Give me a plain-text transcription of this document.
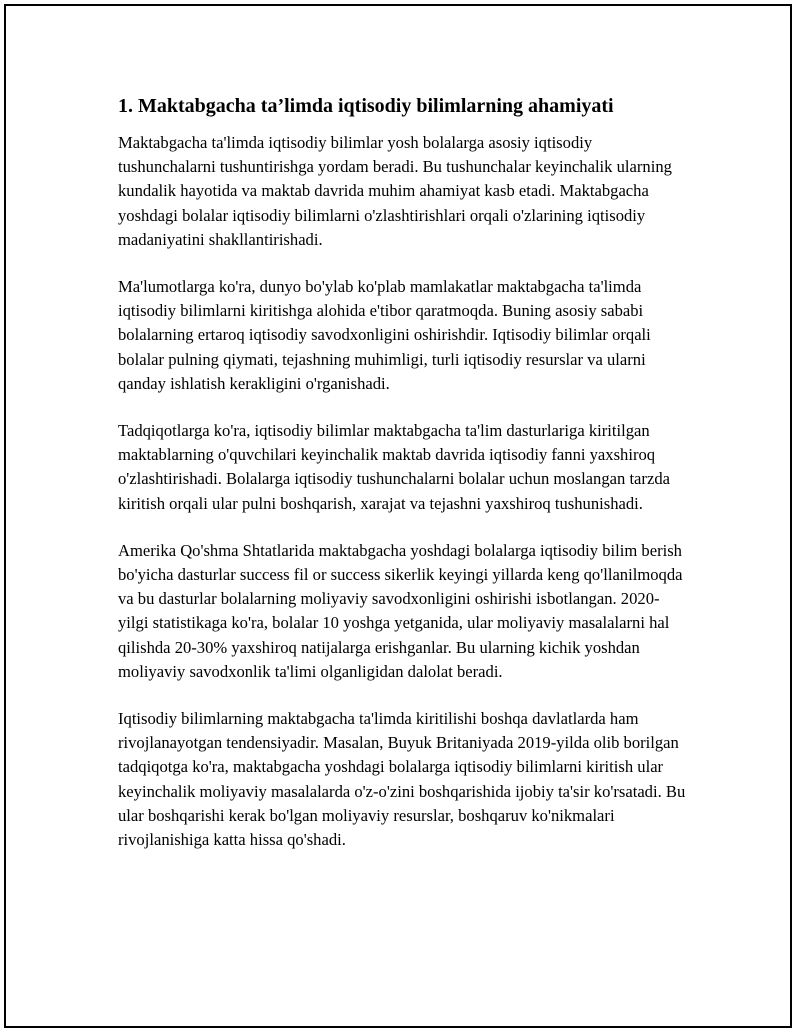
1. Maktabgacha ta’limda iqtisodiy bilimlarning ahamiyati

Maktabgacha ta'limda iqtisodiy bilimlar yosh bolalarga asosiy iqtisodiy tushunchalarni tushuntirishga yordam beradi. Bu tushunchalar keyinchalik ularning kundalik hayotida va maktab davrida muhim ahamiyat kasb etadi. Maktabgacha yoshdagi bolalar iqtisodiy bilimlarni o'zlashtirishlari orqali o'zlarining iqtisodiy madaniyatini shakllantirishadi.

Ma'lumotlarga ko'ra, dunyo bo'ylab ko'plab mamlakatlar maktabgacha ta'limda iqtisodiy bilimlarni kiritishga alohida e'tibor qaratmoqda. Buning asosiy sababi bolalarning ertaroq iqtisodiy savodxonligini oshirishdir. Iqtisodiy bilimlar orqali bolalar pulning qiymati, tejashning muhimligi, turli iqtisodiy resurslar va ularni qanday ishlatish kerakligini o'rganishadi.

Tadqiqotlarga ko'ra, iqtisodiy bilimlar maktabgacha ta'lim dasturlariga kiritilgan maktablarning o'quvchilari keyinchalik maktab davrida iqtisodiy fanni yaxshiroq o'zlashtirishadi. Bolalarga iqtisodiy tushunchalarni bolalar uchun moslangan tarzda kiritish orqali ular pulni boshqarish, xarajat va tejashni yaxshiroq tushunishadi.

Amerika Qo'shma Shtatlarida maktabgacha yoshdagi bolalarga iqtisodiy bilim berish bo'yicha dasturlar success fil or success sikerlik keyingi yillarda keng qo'llanilmoqda va bu dasturlar bolalarning moliyaviy savodxonligini oshirishi isbotlangan. 2020-yilgi statistikaga ko'ra, bolalar 10 yoshga yetganida, ular moliyaviy masalalarni hal qilishda 20-30% yaxshiroq natijalarga erishganlar. Bu ularning kichik yoshdan moliyaviy savodxonlik ta'limi olganligidan dalolat beradi.

Iqtisodiy bilimlarning maktabgacha ta'limda kiritilishi boshqa davlatlarda ham rivojlanayotgan tendensiyadir. Masalan, Buyuk Britaniyada 2019-yilda olib borilgan tadqiqotga ko'ra, maktabgacha yoshdagi bolalarga iqtisodiy bilimlarni kiritish ular keyinchalik moliyaviy masalalarda o'z-o'zini boshqarishida ijobiy ta'sir ko'rsatadi. Bu ular boshqarishi kerak bo'lgan moliyaviy resurslar, boshqaruv ko'nikmalari rivojlanishiga katta hissa qo'shadi.
